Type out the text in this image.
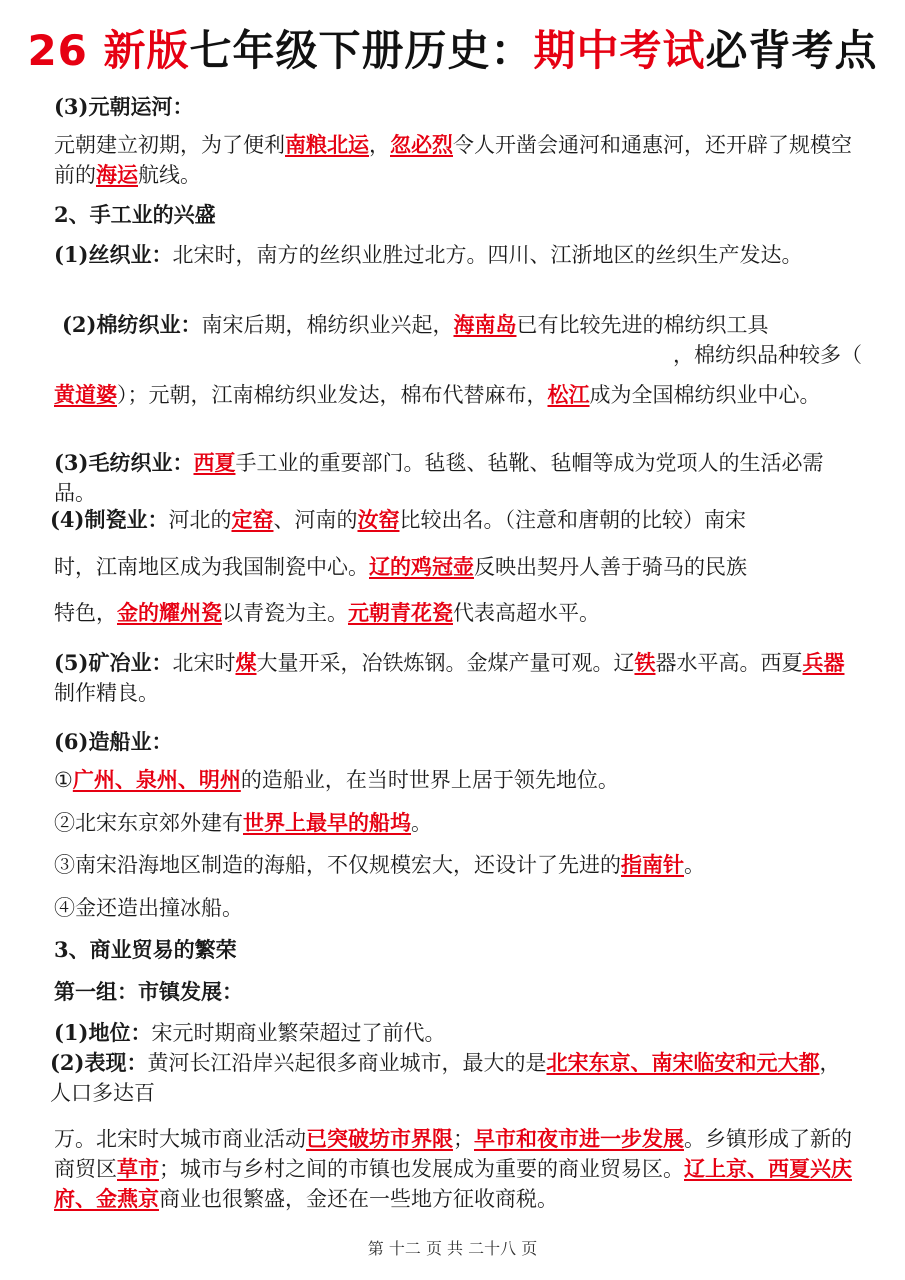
26 新版七年级下册历史：期中考试必背考点

(3)元朝运河：

元朝建立初期，为了便利南粮北运，忽必烈令人开凿会通河和通惠河，还开辟了规模空前的海运航线。

2、手工业的兴盛

(1)丝织业：北宋时，南方的丝织业胜过北方。四川、江浙地区的丝织生产发达。

(2)棉纺织业：南宋后期，棉纺织业兴起，海南岛已有比较先进的棉纺织工具
，棉纺织品种较多（

黄道婆）；元朝，江南棉纺织业发达，棉布代替麻布，松江成为全国棉纺织业中心。

(3)毛纺织业：西夏手工业的重要部门。毡毯、毡靴、毡帽等成为党项人的生活必需品。

(4)制瓷业：河北的定窑、河南的汝窑比较出名。（注意和唐朝的比较）南宋

时，江南地区成为我国制瓷中心。辽的鸡冠壶反映出契丹人善于骑马的民族

特色，金的耀州瓷以青瓷为主。元朝青花瓷代表高超水平。

(5)矿冶业：北宋时煤大量开采，冶铁炼钢。金煤产量可观。辽铁器水平高。西夏兵器制作精良。

(6)造船业：

①广州、泉州、明州的造船业，在当时世界上居于领先地位。

②北宋东京郊外建有世界上最早的船坞。

③南宋沿海地区制造的海船，不仅规模宏大，还设计了先进的指南针。

④金还造出撞冰船。

3、商业贸易的繁荣

第一组：市镇发展：

(1)地位：宋元时期商业繁荣超过了前代。

(2)表现：黄河长江沿岸兴起很多商业城市，最大的是北宋东京、南宋临安和元大都，人口多达百

万。北宋时大城市商业活动已突破坊市界限；早市和夜市进一步发展。乡镇形成了新的商贸区草市；城市与乡村之间的市镇也发展成为重要的商业贸易区。辽上京、西夏兴庆府、金燕京商业也很繁盛，金还在一些地方征收商税。

第 十二 页 共 二十八 页
